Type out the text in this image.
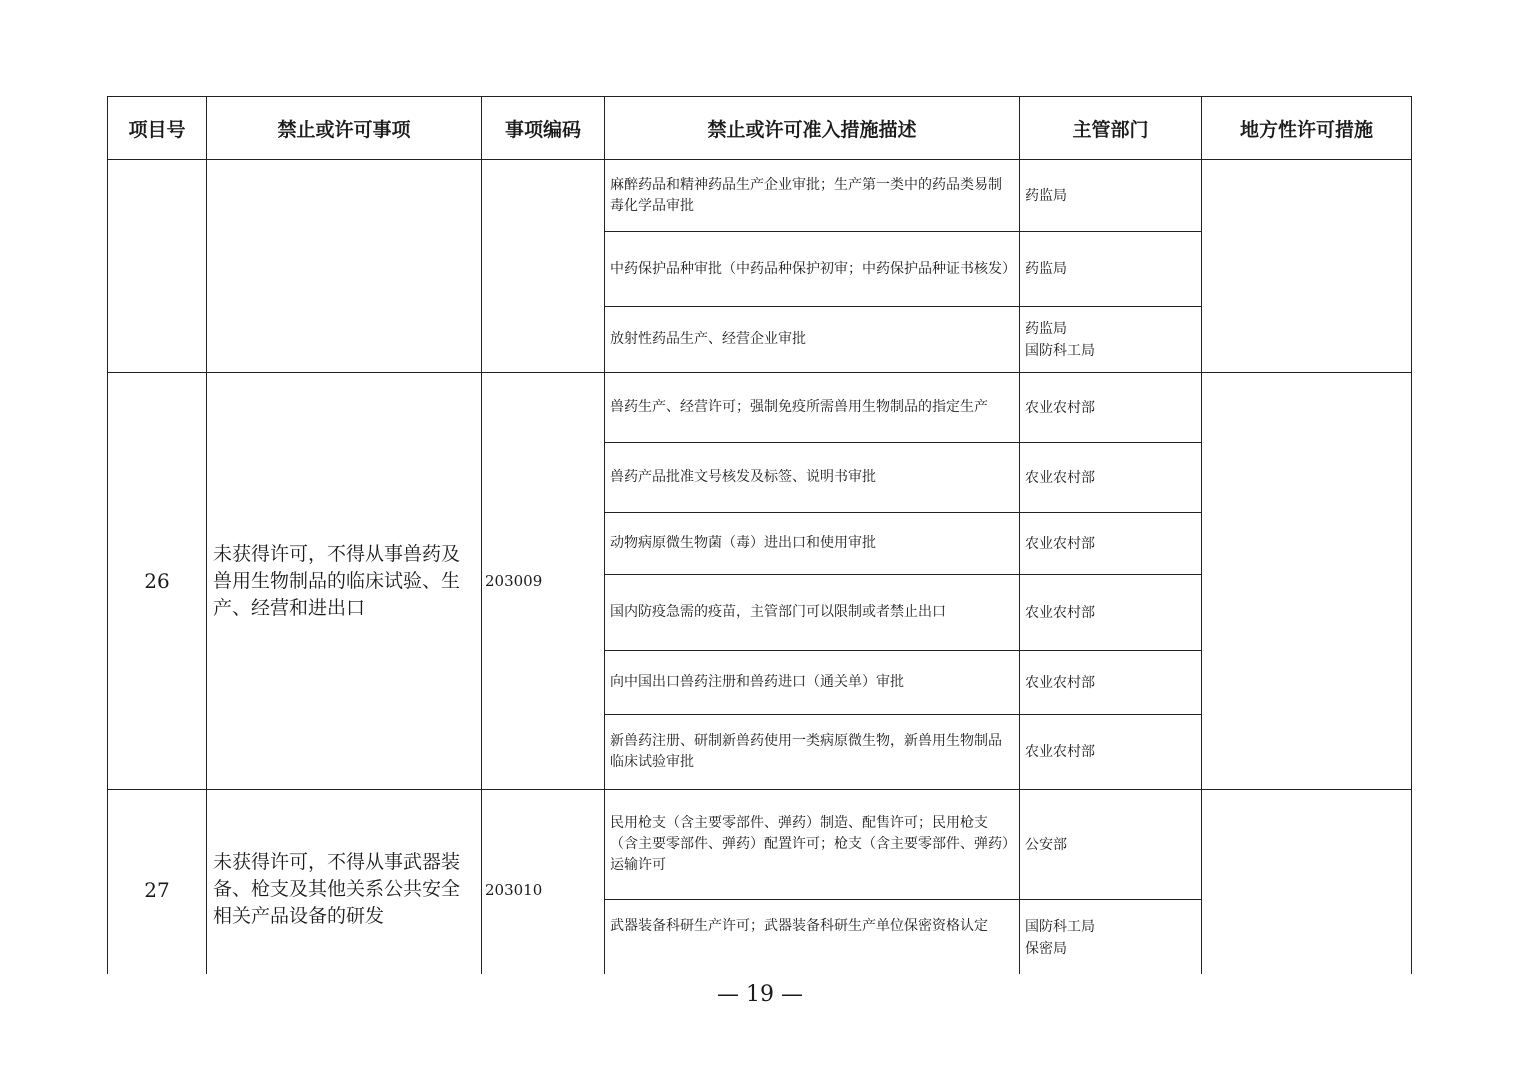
项目号	禁止或许可事项	事项编码	禁止或许可准入措施描述	主管部门	地方性许可措施
			麻醉药品和精神药品生产企业审批；生产第一类中的药品类易制毒化学品审批	药监局	

			中药保护品种审批（中药品种保护初审；中药保护品种证书核发）	药监局	

			放射性药品生产、经营企业审批	药监局
国防科工局	

26	未获得许可，不得从事兽药及兽用生物制品的临床试验、生产、经营和进出口	203009	兽药生产、经营许可；强制免疫所需兽用生物制品的指定生产	农业农村部	
			兽药产品批准文号核发及标签、说明书审批	农业农村部	
			动物病原微生物菌（毒）进出口和使用审批	农业农村部	
			国内防疫急需的疫苗，主管部门可以限制或者禁止出口	农业农村部	
			向中国出口兽药注册和兽药进口（通关单）审批	农业农村部	
			新兽药注册、研制新兽药使用一类病原微生物，新兽用生物制品临床试验审批	农业农村部	
27	未获得许可，不得从事武器装备、枪支及其他关系公共安全相关产品设备的研发	203010	民用枪支（含主要零部件、弹药）制造、配售许可；民用枪支（含主要零部件、弹药）配置许可；枪支（含主要零部件、弹药）运输许可	公安部	

			武器装备科研生产许可；武器装备科研生产单位保密资格认定	国防科工局
保密局	
— 19 —
